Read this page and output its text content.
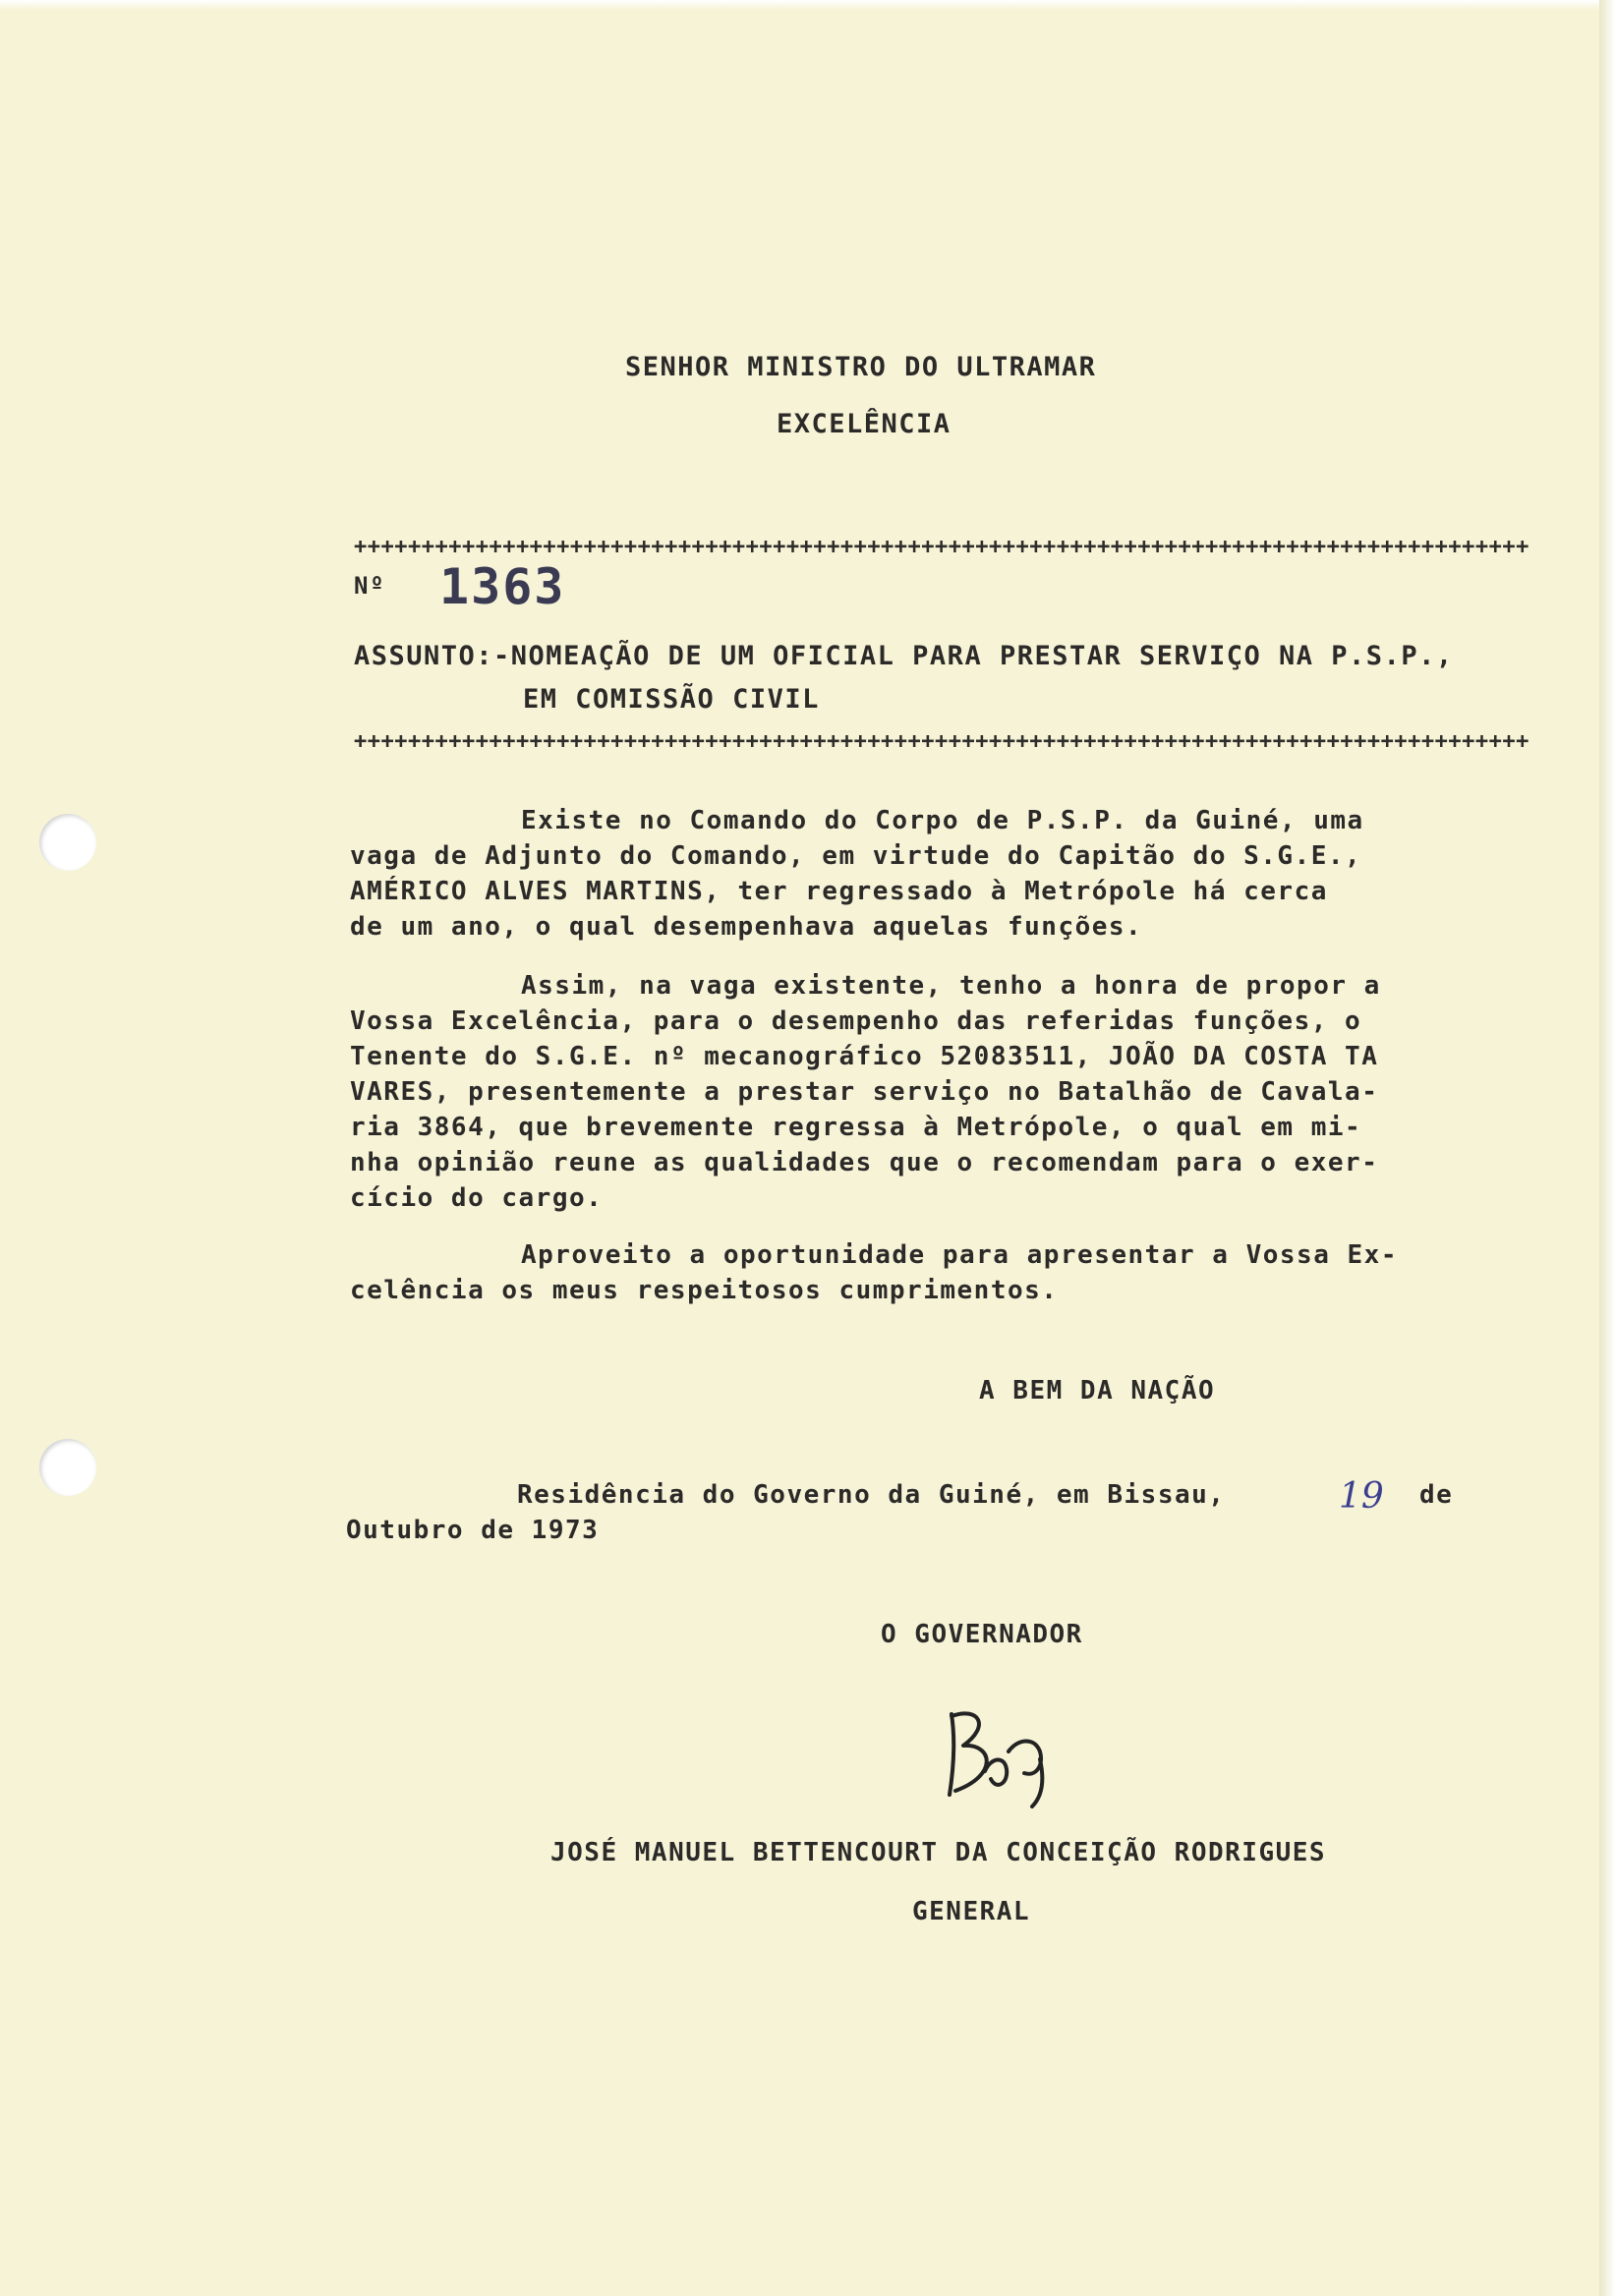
SENHOR MINISTRO DO ULTRAMAR
EXCELÊNCIA
+++++++++++++++++++++++++++++++++++++++++++++++++++++++++++++++++++++++++++++++++++++++
Nº 1363
ASSUNTO:-NOMEAÇÃO DE UM OFICIAL PARA PRESTAR SERVIÇO NA P.S.P.,
EM COMISSÃO CIVIL
+++++++++++++++++++++++++++++++++++++++++++++++++++++++++++++++++++++++++++++++++++++++
Existe no Comando do Corpo de P.S.P. da Guiné, uma
vaga de Adjunto do Comando, em virtude do Capitão do S.G.E.,
AMÉRICO ALVES MARTINS, ter regressado à Metrópole há cerca
de um ano, o qual desempenhava aquelas funções.
Assim, na vaga existente, tenho a honra de propor a
Vossa Excelência, para o desempenho das referidas funções, o
Tenente do S.G.E. nº mecanográfico 52083511, JOÃO DA COSTA TA
VARES, presentemente a prestar serviço no Batalhão de Cavala-
ria 3864, que brevemente regressa à Metrópole, o qual em mi-
nha opinião reune as qualidades que o recomendam para o exer-
cício do cargo.
Aproveito a oportunidade para apresentar a Vossa Ex-
celência os meus respeitosos cumprimentos.
A BEM DA NAÇÃO
Residência do Governo da Guiné, em Bissau,	19 de
Outubro de 1973
O GOVERNADOR
JOSÉ MANUEL BETTENCOURT DA CONCEIÇÃO RODRIGUES
GENERAL
